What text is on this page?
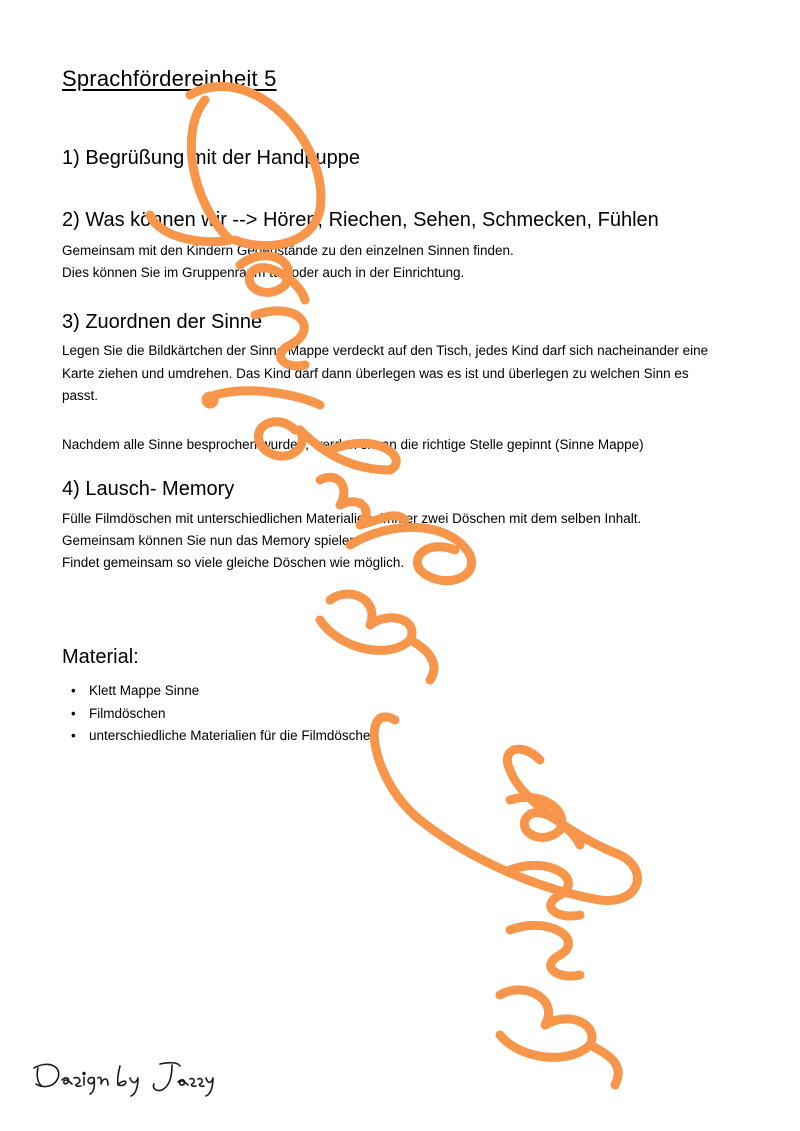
Sprachfördereinheit 5
1) Begrüßung mit der Handpuppe
2) Was können wir --> Hören, Riechen, Sehen, Schmecken, Fühlen

Gemeinsam mit den Kindern Gegenstände zu den einzelnen Sinnen finden.

Dies können Sie im Gruppenraum tun oder auch in der Einrichtung.

3) Zuordnen der Sinne

Legen Sie die Bildkärtchen der Sinne Mappe verdeckt auf den Tisch, jedes Kind darf sich nacheinander eine

Karte ziehen und umdrehen. Das Kind darf dann überlegen was es ist und überlegen zu welchen Sinn es

passt.

Nachdem alle Sinne besprochen wurden, werden sie an die richtige Stelle gepinnt (Sinne Mappe)

4) Lausch- Memory

Fülle Filmdöschen mit unterschiedlichen Materialien- immer zwei Döschen mit dem selben Inhalt.

Gemeinsam können Sie nun das Memory spielen.

Findet gemeinsam so viele gleiche Döschen wie möglich.

Material:
• Klett Mappe Sinne
• Filmdöschen
• unterschiedliche Materialien für die Filmdöschen
